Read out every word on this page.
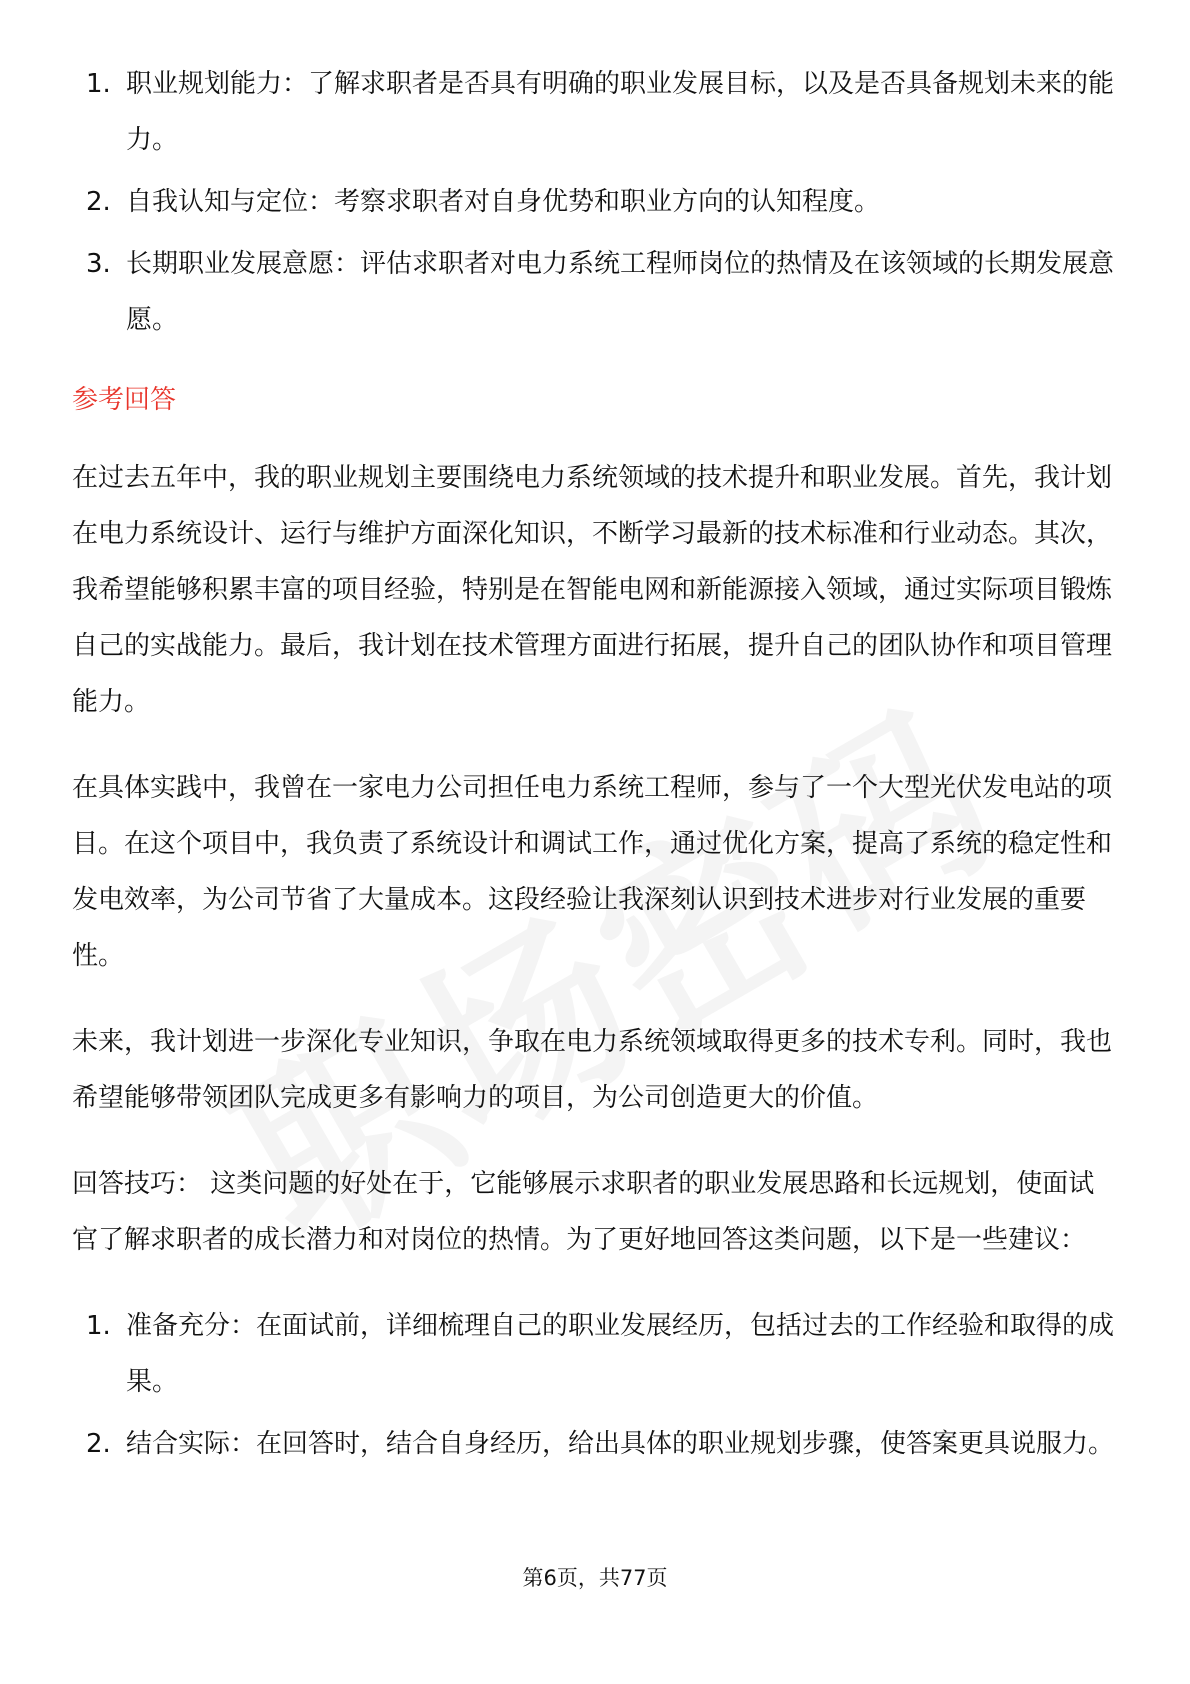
1. 职业规划能力：了解求职者是否具有明确的职业发展目标，以及是否具备规划未来的能力。
2. 自我认知与定位：考察求职者对自身优势和职业方向的认知程度。
3. 长期职业发展意愿：评估求职者对电力系统工程师岗位的热情及在该领域的长期发展意愿。
参考回答

在过去五年中，我的职业规划主要围绕电力系统领域的技术提升和职业发展。首先，我计划在电力系统设计、运行与维护方面深化知识，不断学习最新的技术标准和行业动态。其次，我希望能够积累丰富的项目经验，特别是在智能电网和新能源接入领域，通过实际项目锻炼自己的实战能力。最后，我计划在技术管理方面进行拓展，提升自己的团队协作和项目管理能力。

在具体实践中，我曾在一家电力公司担任电力系统工程师，参与了一个大型光伏发电站的项目。在这个项目中，我负责了系统设计和调试工作，通过优化方案，提高了系统的稳定性和发电效率，为公司节省了大量成本。这段经验让我深刻认识到技术进步对行业发展的重要性。

未来，我计划进一步深化专业知识，争取在电力系统领域取得更多的技术专利。同时，我也希望能够带领团队完成更多有影响力的项目，为公司创造更大的价值。

回答技巧： 这类问题的好处在于，它能够展示求职者的职业发展思路和长远规划，使面试官了解求职者的成长潜力和对岗位的热情。为了更好地回答这类问题，以下是一些建议：

1. 准备充分：在面试前，详细梳理自己的职业发展经历，包括过去的工作经验和取得的成果。
2. 结合实际：在回答时，结合自身经历，给出具体的职业规划步骤，使答案更具说服力。
第6页，共77页
